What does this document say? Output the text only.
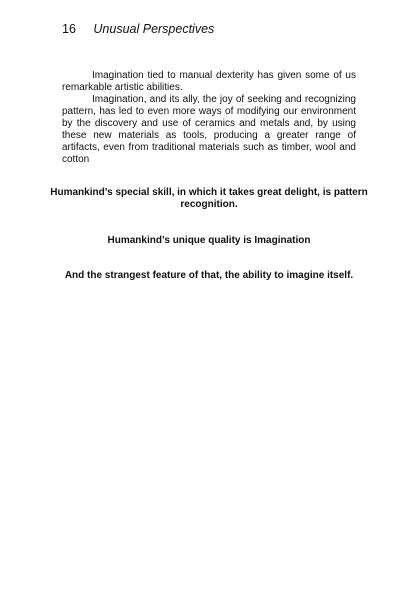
16 Unusual Perspectives

Imagination tied to manual dexterity has given some of us remarkable artistic abilities.

Imagination, and its ally, the joy of seeking and recognizing pattern, has led to even more ways of modifying our environment by the discovery and use of ceramics and metals and, by using these new materials as tools, producing a greater range of artifacts, even from traditional materials such as timber, wool and cotton

Humankind’s special skill, in which it takes great delight, is pattern recognition.
Humankind’s unique quality is Imagination
And the strangest feature of that, the ability to imagine itself.
